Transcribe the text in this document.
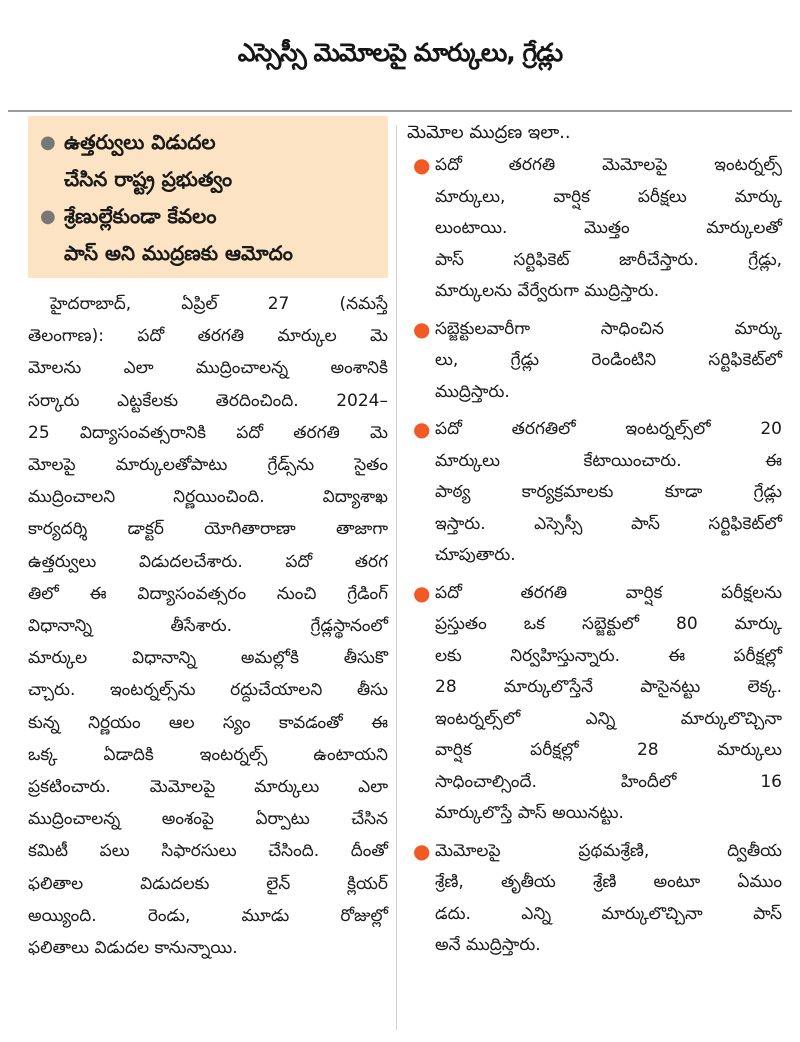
ఎస్సెస్సీ మెమోలపై మార్కులు, గ్రేడ్లు
● ఉత్తర్వులు విడుదల
చేసిన రాష్ట్ర ప్రభుత్వం
● శ్రేణుల్లేకుండా కేవలం
పాస్ అని ముద్రణకు ఆమోదం
హైదరాబాద్, ఏప్రిల్ 27 (నమస్తే
తెలంగాణ): పదో తరగతి మార్కుల మె
మోలను ఎలా ముద్రించాలన్న అంశానికి
సర్కారు ఎట్టకేలకు తెరదించింది. 2024–
25 విద్యాసంవత్సరానికి పదో తరగతి మె
మోలపై మార్కులతోపాటు గ్రేడ్స్‌ను సైతం
ముద్రించాలని నిర్ణయించింది. విద్యాశాఖ
కార్యదర్శి డాక్టర్ యోగితారాణా తాజాగా
ఉత్తర్వులు విడుదలచేశారు. పదో తరగ
తిలో ఈ విద్యాసంవత్సరం నుంచి గ్రేడింగ్
విధానాన్ని తీసేశారు. గ్రేడ్లస్థానంలో
మార్కుల విధానాన్ని అమల్లోకి తీసుకొ
చ్చారు. ఇంటర్నల్స్‌ను రద్దుచేయాలని తీసు
కున్న నిర్ణయం ఆల స్యం కావడంతో ఈ
ఒక్క ఏడాదికి ఇంటర్నల్స్ ఉంటాయని
ప్రకటించారు. మెమోలపై మార్కులు ఎలా
ముద్రించాలన్న అంశంపై ఏర్పాటు చేసిన
కమిటీ పలు సిఫారసులు చేసింది. దీంతో
ఫలితాల విడుదలకు లైన్ క్లియర్
అయ్యింది. రెండు, మూడు రోజుల్లో
ఫలితాలు విడుదల కానున్నాయి.
మెమోల ముద్రణ ఇలా..
● పదో తరగతి మెమోలపై ఇంటర్నల్స్
మార్కులు, వార్షిక పరీక్షలు మార్కు
లుంటాయి. మొత్తం మార్కులతో
పాస్ సర్టిఫికెట్ జారీచేస్తారు. గ్రేడ్లు,
మార్కులను వేర్వేరుగా ముద్రిస్తారు.
● సబ్జెక్టులవారీగా సాధించిన మార్కు
లు, గ్రేడ్లు రెండింటిని సర్టిఫికెట్‌లో
ముద్రిస్తారు.
● పదో తరగతిలో ఇంటర్నల్స్‌లో 20
మార్కులు కేటాయించారు. ఈ
పాఠ్య కార్యక్రమాలకు కూడా గ్రేడ్లు
ఇస్తారు. ఎస్సెస్సీ పాస్ సర్టిఫికెట్‌లో
చూపుతారు.
● పదో తరగతి వార్షిక పరీక్షలను
ప్రస్తుతం ఒక సబ్జెక్టులో 80 మార్కు
లకు నిర్వహిస్తున్నారు. ఈ పరీక్షల్లో
28 మార్కులొస్తేనే పాసైనట్టు లెక్క.
ఇంటర్నల్స్‌లో ఎన్ని మార్కులొచ్చినా
వార్షిక పరీక్షల్లో 28 మార్కులు
సాధించాల్సిందే. హిందీలో 16
మార్కులొస్తే పాస్ అయినట్టు.
● మెమోలపై ప్రథమశ్రేణి, ద్వితీయ
శ్రేణి, తృతీయ శ్రేణి అంటూ ఏముం
డదు. ఎన్ని మార్కులొచ్చినా పాస్
అనే ముద్రిస్తారు.
